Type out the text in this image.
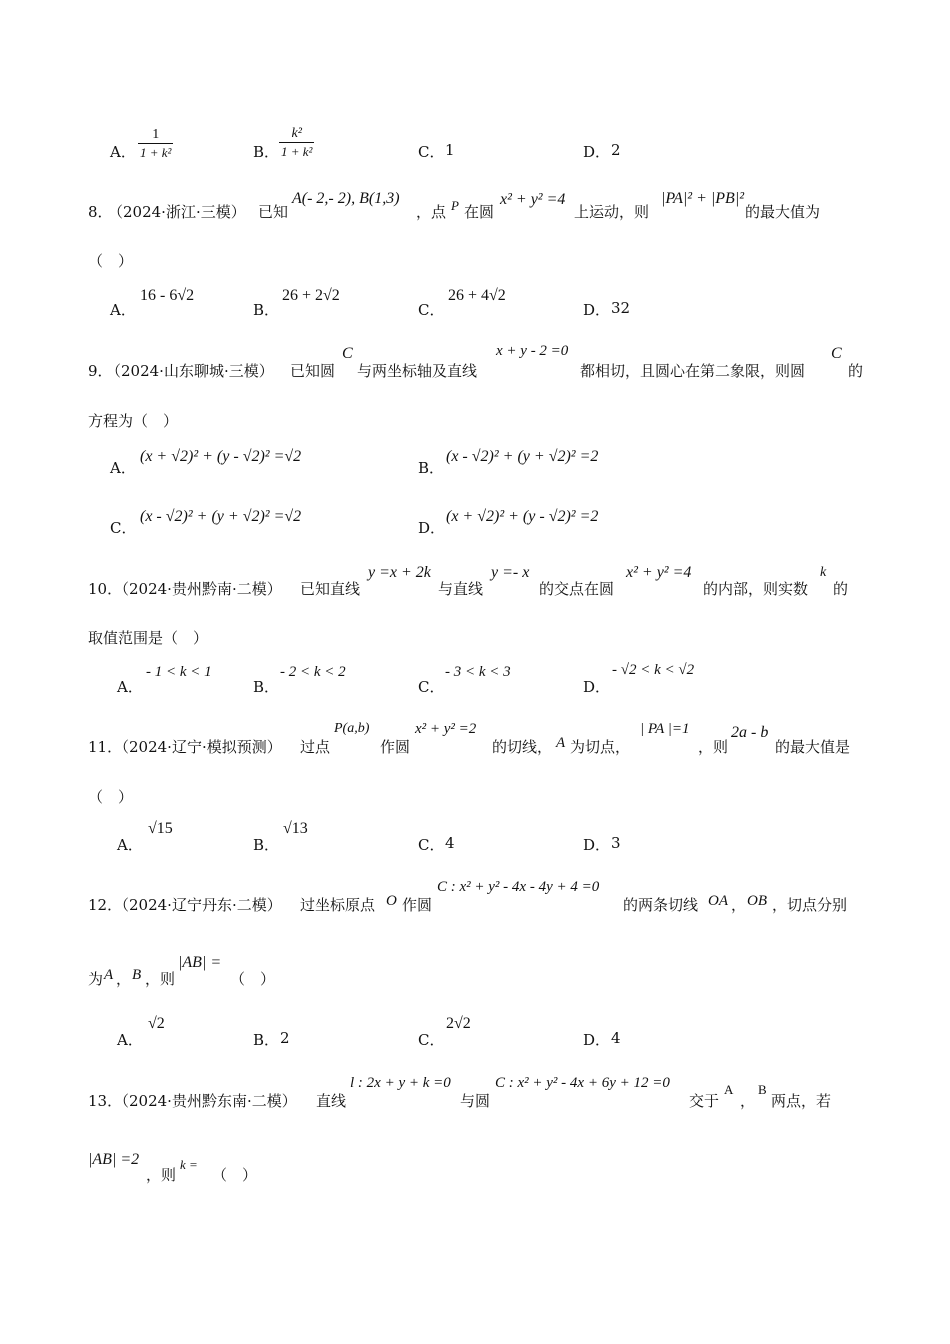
A． $\frac{1}{\text{1 + k²}}$	B． $\frac{\text{k²}}{\text{1 + k²}}$	C． 1	D． 2
8．
（2024·浙江·三模） 已知
A(- 2,- 2), B(1,3)
，点 P 在圆
x² + y² =4
上运动，则
|PA|² + |PB|²
的最大值为
（　）
A．
16 - 6√2
B．
26 + 2√2
C．
26 + 4√2
D． 32
9．
（2024·山东聊城·三模） 已知圆
C
与两坐标轴及直线
x + y - 2 =0
都相切，且圆心在第二象限，则圆
C
的
方程为（　）
A．
(x + √2)² + (y - √2)² =√2
B．
(x - √2)² + (y + √2)² =2
C．
(x - √2)² + (y + √2)² =√2
D．
(x + √2)² + (y - √2)² =2
10．
（2024·贵州黔南·二模） 已知直线
y =x + 2k
与直线
y =- x
的交点在圆
x² + y² =4
的内部，则实数
k
的
取值范围是（　）
A．
- 1 < k < 1
B．
- 2 < k < 2
C．
- 3 < k < 3
D．
- √2 < k < √2
11．
（2024·辽宁·模拟预测） 过点
P(a,b)
作圆
x² + y² =2
的切线， A 为切点，
| PA |=1
，则
2a - b
的最大值是
（　）
A．
√15
B．
√13
C． 4	D． 3
12．
（2024·辽宁丹东·二模） 过坐标原点 O 作圆
C : x² + y² - 4x - 4y + 4 =0
的两条切线 OA ， OB ，切点分别
为 A ， B ，则
|AB| =
（　）
A．
√2
B． 2	C．
2√2
D． 4
13．
（2024·贵州黔东南·二模） 直线
l : 2x + y + k =0
与圆
C : x² + y² - 4x + 6y + 12 =0
交于
A
，
B
两点，若
|AB| =2
，则
k =
（　）
